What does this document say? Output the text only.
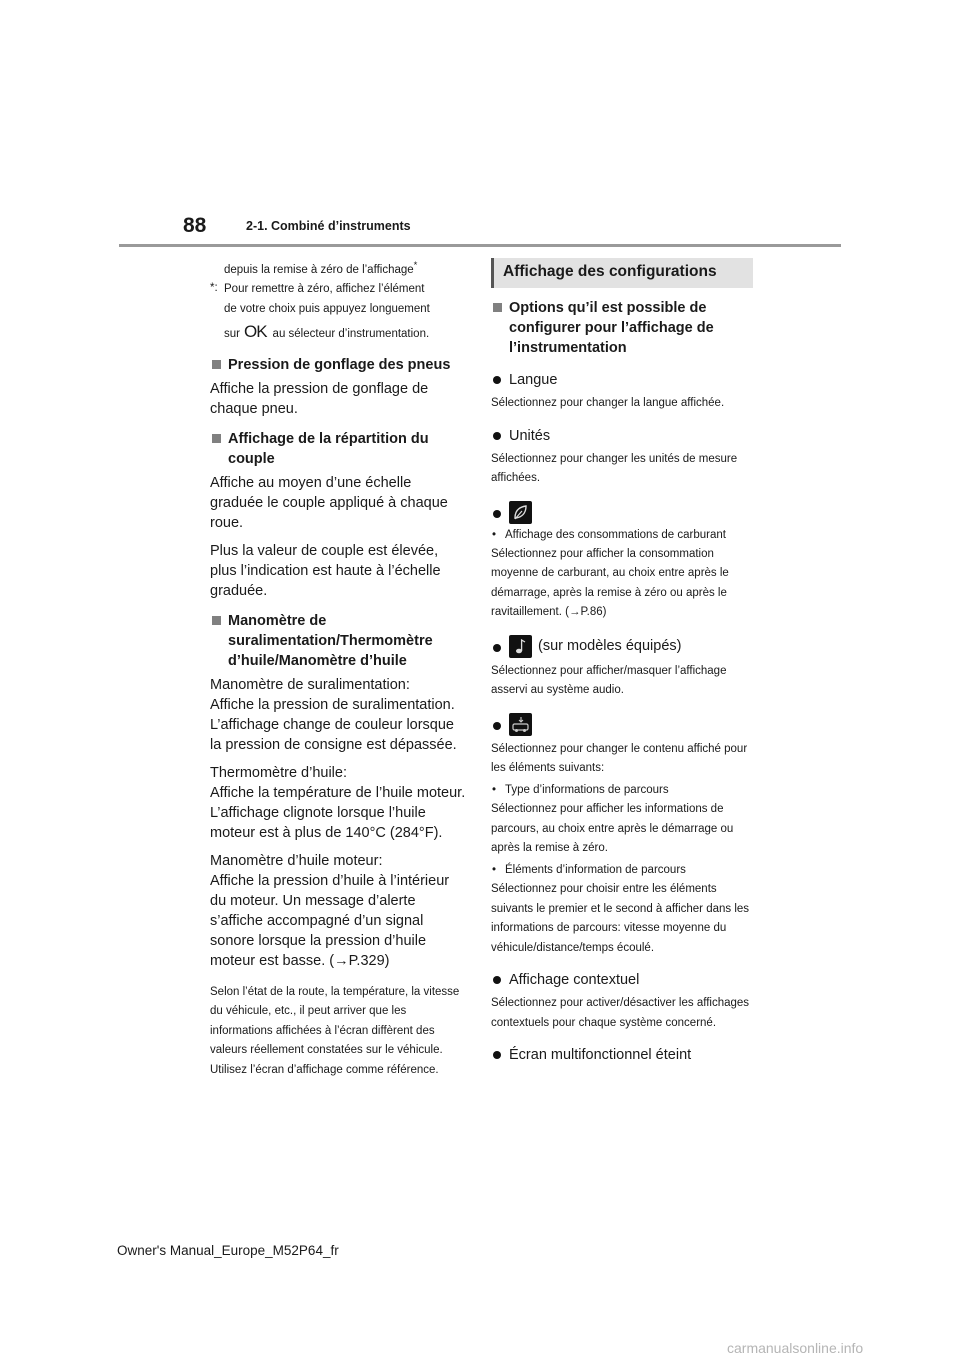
88	2-1. Combiné d’instruments

depuis la remise à zéro de l’affichage*

*: Pour remettre à zéro, affichez l’élément

de votre choix puis appuyez longuement

sur OK au sélecteur d’instrumentation.

Pression de gonflage des pneus

Affiche la pression de gonflage de chaque pneu.

Affichage de la répartition du couple

Affiche au moyen d’une échelle graduée le couple appliqué à chaque roue.

Plus la valeur de couple est élevée, plus l’indication est haute à l’échelle graduée.

Manomètre de suralimentation/Thermomètre d’huile/Manomètre d’huile

Manomètre de suralimentation:

Affiche la pression de suralimentation. L’affichage change de couleur lorsque la pression de consigne est dépassée.

Thermomètre d’huile:

Affiche la température de l’huile moteur. L’affichage clignote lorsque l’huile moteur est à plus de 140°C (284°F).

Manomètre d’huile moteur:

Affiche la pression d’huile à l’intérieur du moteur. Un message d’alerte s’affiche accompagné d’un signal sonore lorsque la pression d’huile moteur est basse. (→P.329)

Selon l’état de la route, la température, la vitesse du véhicule, etc., il peut arriver que les informations affichées à l’écran diffèrent des valeurs réellement constatées sur le véhicule.

Utilisez l’écran d’affichage comme référence.

Affichage des configurations
Options qu’il est possible de configurer pour l’affichage de l’instrumentation
Langue

Sélectionnez pour changer la langue affichée.

Unités

Sélectionnez pour changer les unités de mesure affichées.

• Affichage des consommations de carburant

Sélectionnez pour afficher la consommation moyenne de carburant, au choix entre après le démarrage, après la remise à zéro ou après le ravitaillement. (→P.86)

(sur modèles équipés)

Sélectionnez pour afficher/masquer l’affichage asservi au système audio.

Sélectionnez pour changer le contenu affiché pour les éléments suivants:

• Type d’informations de parcours

Sélectionnez pour afficher les informations de parcours, au choix entre après le démarrage ou après la remise à zéro.

• Éléments d’information de parcours

Sélectionnez pour choisir entre les éléments suivants le premier et le second à afficher dans les informations de parcours: vitesse moyenne du véhicule/distance/temps écoulé.

Affichage contextuel

Sélectionnez pour activer/désactiver les affichages contextuels pour chaque système concerné.

Écran multifonctionnel éteint
Owner's Manual_Europe_M52P64_fr
carmanualsonline.info
